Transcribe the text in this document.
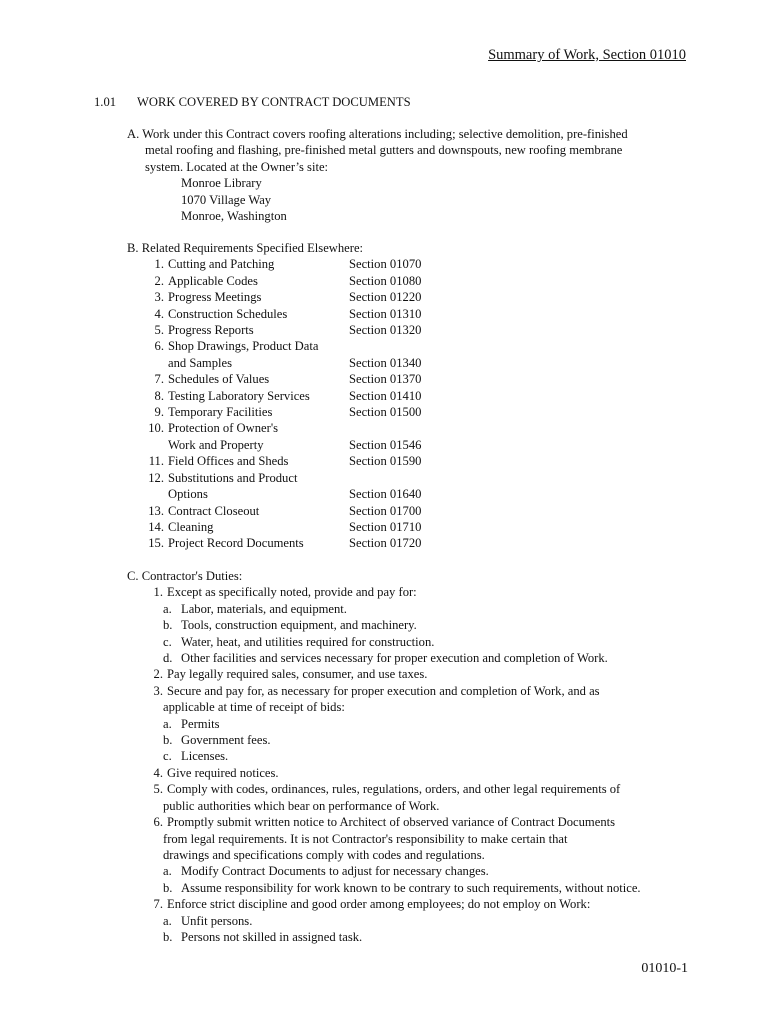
Summary of Work, Section 01010
1.01 WORK COVERED BY CONTRACT DOCUMENTS
A. Work under this Contract covers roofing alterations including; selective demolition, pre-finished
metal roofing and flashing, pre-finished metal gutters and downspouts, new roofing membrane
system. Located at the Owner’s site:
Monroe Library
1070 Village Way
Monroe, Washington
B. Related Requirements Specified Elsewhere:
1.	Cutting and Patching	Section 01070
2.	Applicable Codes	Section 01080
3.	Progress Meetings	Section 01220
4.	Construction Schedules	Section 01310
5.	Progress Reports	Section 01320
6.	Shop Drawings, Product Data	
	and Samples	Section 01340
7.	Schedules of Values	Section 01370
8.	Testing Laboratory Services	Section 01410
9.	Temporary Facilities	Section 01500
10.	Protection of Owner's	
	Work and Property	Section 01546
11.	Field Offices and Sheds	Section 01590
12.	Substitutions and Product	
	Options	Section 01640
13.	Contract Closeout	Section 01700
14.	Cleaning	Section 01710
15.	Project Record Documents	Section 01720
C. Contractor's Duties:
1. Except as specifically noted, provide and pay for:
a. Labor, materials, and equipment.
b. Tools, construction equipment, and machinery.
c. Water, heat, and utilities required for construction.
d. Other facilities and services necessary for proper execution and completion of Work.
2. Pay legally required sales, consumer, and use taxes.
3. Secure and pay for, as necessary for proper execution and completion of Work, and as
applicable at time of receipt of bids:
a. Permits
b. Government fees.
c. Licenses.
4. Give required notices.
5. Comply with codes, ordinances, rules, regulations, orders, and other legal requirements of
public authorities which bear on performance of Work.
6. Promptly submit written notice to Architect of observed variance of Contract Documents
from legal requirements. It is not Contractor's responsibility to make certain that
drawings and specifications comply with codes and regulations.
a. Modify Contract Documents to adjust for necessary changes.
b. Assume responsibility for work known to be contrary to such requirements, without notice.
7. Enforce strict discipline and good order among employees; do not employ on Work:
a. Unfit persons.
b. Persons not skilled in assigned task.
01010-1
